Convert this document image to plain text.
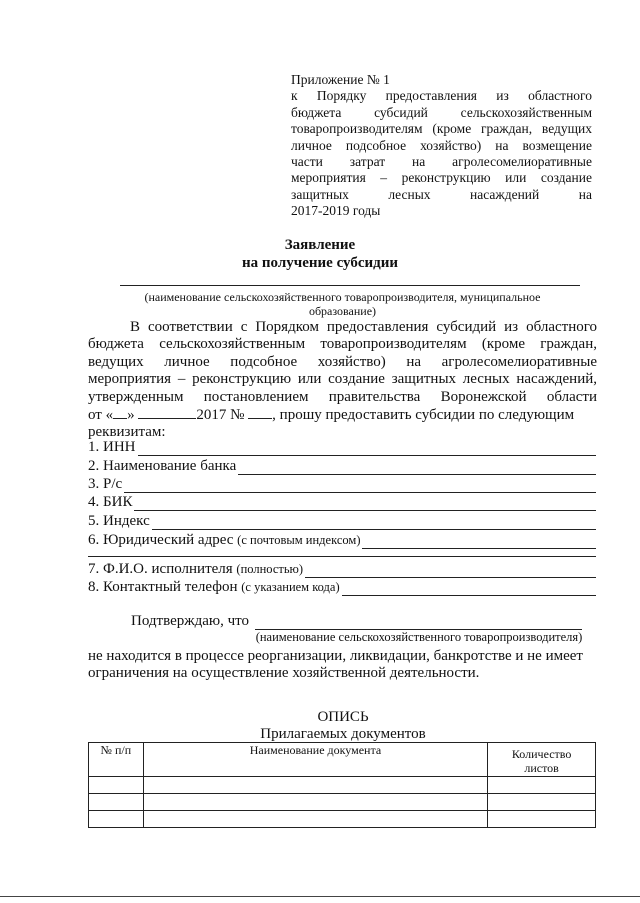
Приложение № 1
к Порядку предоставления из областного
бюджета субсидий сельскохозяйственным
товаропроизводителям (кроме граждан, ведущих
личное подсобное хозяйство) на возмещение
части затрат на агролесомелиоративные
мероприятия – реконструкцию или создание
защитных лесных насаждений на
2017-2019 годы
Заявление
на получение субсидии
(наименование сельскохозяйственного товаропроизводителя, муниципальное
образование)
В соответствии с Порядком предоставления субсидий из областного
бюджета сельскохозяйственным товаропроизводителям (кроме граждан,
ведущих личное подсобное хозяйство) на агролесомелиоративные
мероприятия – реконструкцию или создание защитных лесных насаждений,
утвержденным постановлением правительства Воронежской области
от « »	2017 № , прошу предоставить субсидии по следующим
реквизитам:
1. ИНН
2. Наименование банка
3. Р/с
4. БИК
5. Индекс
6. Юридический адрес
(с почтовым индексом)
7. Ф.И.О. исполнителя
(полностью)
8. Контактный телефон
(с указанием кода)
Подтверждаю, что
(наименование сельскохозяйственного товаропроизводителя)
не находится в процессе реорганизации, ликвидации, банкротстве и не имеет
ограничения на осуществление хозяйственной деятельности.
ОПИСЬ
Прилагаемых документов
№ п/п	Наименование документа	Количество
листов
